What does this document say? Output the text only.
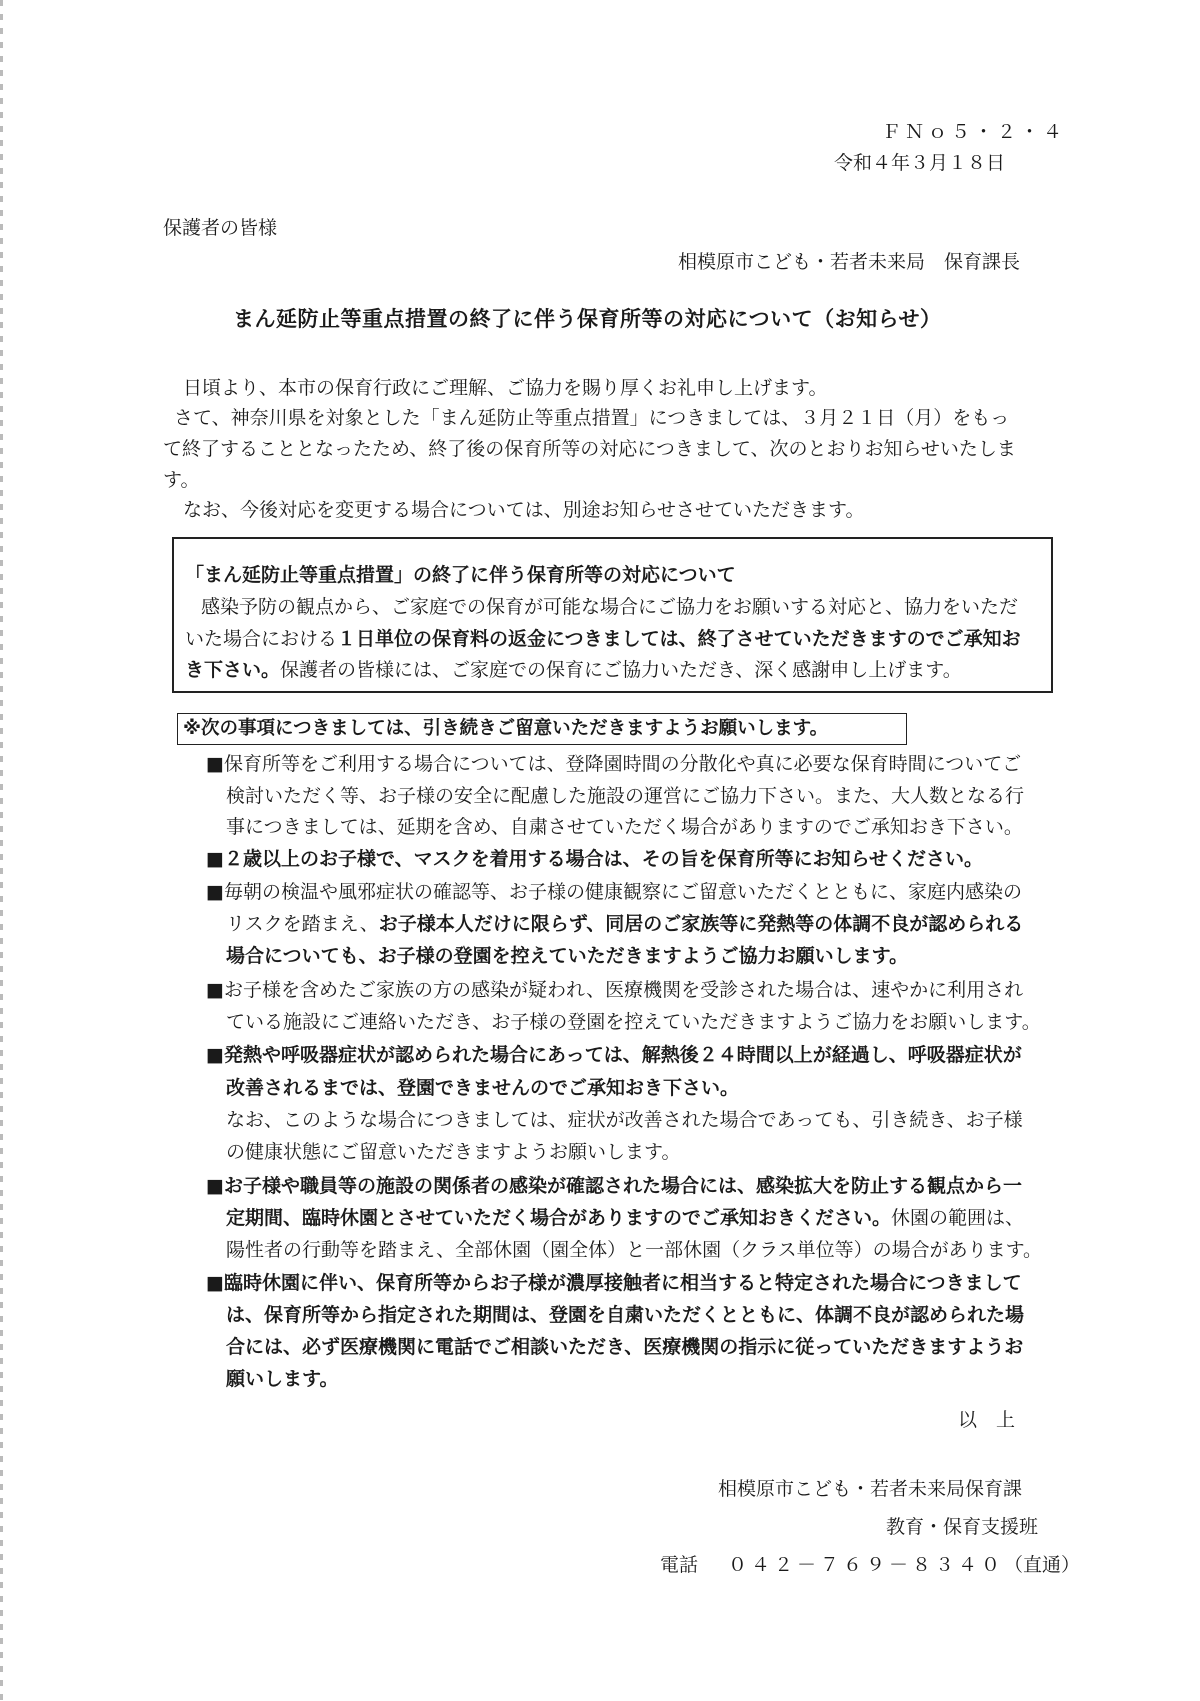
ＦＮｏ５・２・４
令和４年３月１８日
保護者の皆様
相模原市こども・若者未来局　保育課長
まん延防止等重点措置の終了に伴う保育所等の対応について（お知らせ）
日頃より、本市の保育行政にご理解、ご協力を賜り厚くお礼申し上げます。
さて、神奈川県を対象とした「まん延防止等重点措置」につきましては、３月２１日（月）をもっ
て終了することとなったため、終了後の保育所等の対応につきまして、次のとおりお知らせいたしま
す。
なお、今後対応を変更する場合については、別途お知らせさせていただきます。
「まん延防止等重点措置」の終了に伴う保育所等の対応について
感染予防の観点から、ご家庭での保育が可能な場合にご協力をお願いする対応と、協力をいただ
いた場合における１日単位の保育料の返金につきましては、終了させていただきますのでご承知お
き下さい。保護者の皆様には、ご家庭での保育にご協力いただき、深く感謝申し上げます。
※次の事項につきましては、引き続きご留意いただきますようお願いします。
■保育所等をご利用する場合については、登降園時間の分散化や真に必要な保育時間についてご
検討いただく等、お子様の安全に配慮した施設の運営にご協力下さい。また、大人数となる行
事につきましては、延期を含め、自粛させていただく場合がありますのでご承知おき下さい。
■２歳以上のお子様で、マスクを着用する場合は、その旨を保育所等にお知らせください。
■毎朝の検温や風邪症状の確認等、お子様の健康観察にご留意いただくとともに、家庭内感染の
リスクを踏まえ、お子様本人だけに限らず、同居のご家族等に発熱等の体調不良が認められる
場合についても、お子様の登園を控えていただきますようご協力お願いします。
■お子様を含めたご家族の方の感染が疑われ、医療機関を受診された場合は、速やかに利用され
ている施設にご連絡いただき、お子様の登園を控えていただきますようご協力をお願いします。
■発熱や呼吸器症状が認められた場合にあっては、解熱後２４時間以上が経過し、呼吸器症状が
改善されるまでは、登園できませんのでご承知おき下さい。
なお、このような場合につきましては、症状が改善された場合であっても、引き続き、お子様
の健康状態にご留意いただきますようお願いします。
■お子様や職員等の施設の関係者の感染が確認された場合には、感染拡大を防止する観点から一
定期間、臨時休園とさせていただく場合がありますのでご承知おきください。休園の範囲は、
陽性者の行動等を踏まえ、全部休園（園全体）と一部休園（クラス単位等）の場合があります。
■臨時休園に伴い、保育所等からお子様が濃厚接触者に相当すると特定された場合につきまして
は、保育所等から指定された期間は、登園を自粛いただくとともに、体調不良が認められた場
合には、必ず医療機関に電話でご相談いただき、医療機関の指示に従っていただきますようお
願いします。
以　上
相模原市こども・若者未来局保育課
教育・保育支援班
電話 ０４２－７６９－８３４０（直通）
